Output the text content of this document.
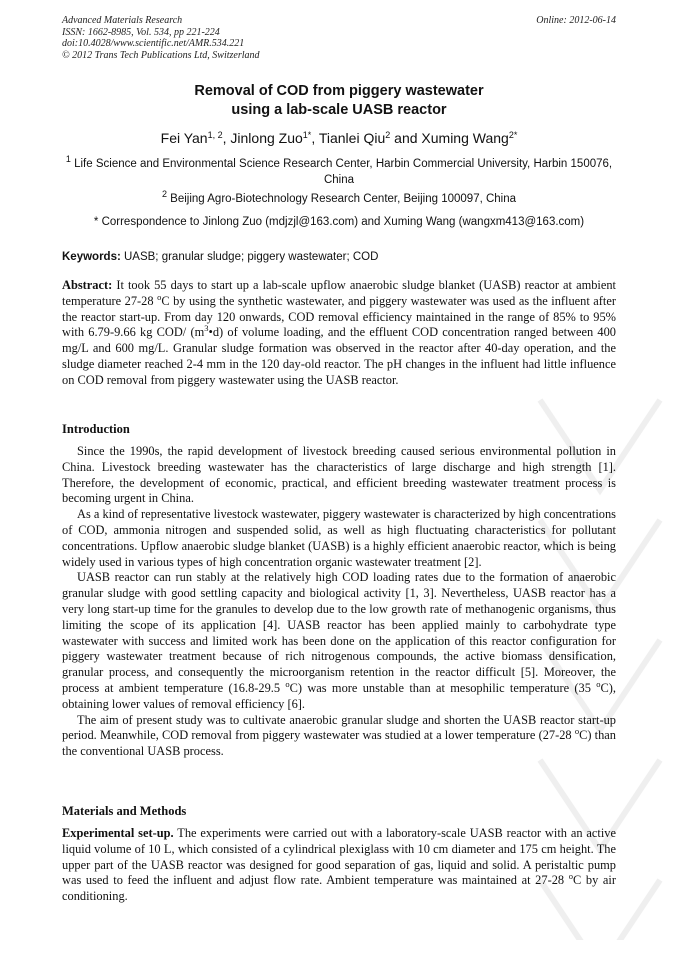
Advanced Materials Research
ISSN: 1662-8985, Vol. 534, pp 221-224
doi:10.4028/www.scientific.net/AMR.534.221
© 2012 Trans Tech Publications Ltd, Switzerland
Online: 2012-06-14
Removal of COD from piggery wastewater
using a lab-scale UASB reactor
Fei Yan$^{1, 2}$, Jinlong Zuo$^{1*}$, Tianlei Qiu$^2$ and Xuming Wang$^{2*}$
$^1$ Life Science and Environmental Science Research Center, Harbin Commercial University, Harbin 150076, China
$^2$ Beijing Agro-Biotechnology Research Center, Beijing 100097, China
* Correspondence to Jinlong Zuo (mdjzjl@163.com) and Xuming Wang (wangxm413@163.com)
Keywords: UASB; granular sludge; piggery wastewater; COD

Abstract: It took 55 days to start up a lab-scale upflow anaerobic sludge blanket (UASB) reactor at ambient temperature 27-28 $^o$C by using the synthetic wastewater, and piggery wastewater was used as the influent after the reactor start-up. From day 120 onwards, COD removal efficiency maintained in the range of 85% to 95% with 6.79-9.66 kg COD/ $(m^3•d)$ of volume loading, and the effluent COD concentration ranged between 400 mg/L and 600 mg/L. Granular sludge formation was observed in the reactor after 40-day operation, and the sludge diameter reached 2-4 mm in the 120 day-old reactor. The pH changes in the influent had little influence on COD removal from piggery wastewater using the UASB reactor.

Introduction

Since the 1990s, the rapid development of livestock breeding caused serious environmental pollution in China. Livestock breeding wastewater has the characteristics of large discharge and high strength [1]. Therefore, the development of economic, practical, and efficient breeding wastewater treatment process is becoming urgent in China.

As a kind of representative livestock wastewater, piggery wastewater is characterized by high concentrations of COD, ammonia nitrogen and suspended solid, as well as high fluctuating characteristics for pollutant concentrations. Upflow anaerobic sludge blanket (UASB) is a highly efficient anaerobic reactor, which is being widely used in various types of high concentration organic wastewater treatment [2].

UASB reactor can run stably at the relatively high COD loading rates due to the formation of anaerobic granular sludge with good settling capacity and biological activity [1, 3]. Nevertheless, UASB reactor has a very long start-up time for the granules to develop due to the low growth rate of methanogenic organisms, thus limiting the scope of its application [4]. UASB reactor has been applied mainly to carbohydrate type wastewater with success and limited work has been done on the application of this reactor configuration for piggery wastewater treatment because of rich nitrogenous compounds, the active biomass densification, granular process, and consequently the microorganism retention in the reactor difficult [5]. Moreover, the process at ambient temperature (16.8-29.5 $^o$C) was more unstable than at mesophilic temperature (35 $^o$C), obtaining lower values of removal efficiency [6].

The aim of present study was to cultivate anaerobic granular sludge and shorten the UASB reactor start-up period. Meanwhile, COD removal from piggery wastewater was studied at a lower temperature (27-28 $^o$C) than the conventional UASB process.

Materials and Methods

Experimental set-up. The experiments were carried out with a laboratory-scale UASB reactor with an active liquid volume of 10 L, which consisted of a cylindrical plexiglass with 10 cm diameter and 175 cm height. The upper part of the UASB reactor was designed for good separation of gas, liquid and solid. A peristaltic pump was used to feed the influent and adjust flow rate. Ambient temperature was maintained at 27-28 $^o$C by air conditioning.
